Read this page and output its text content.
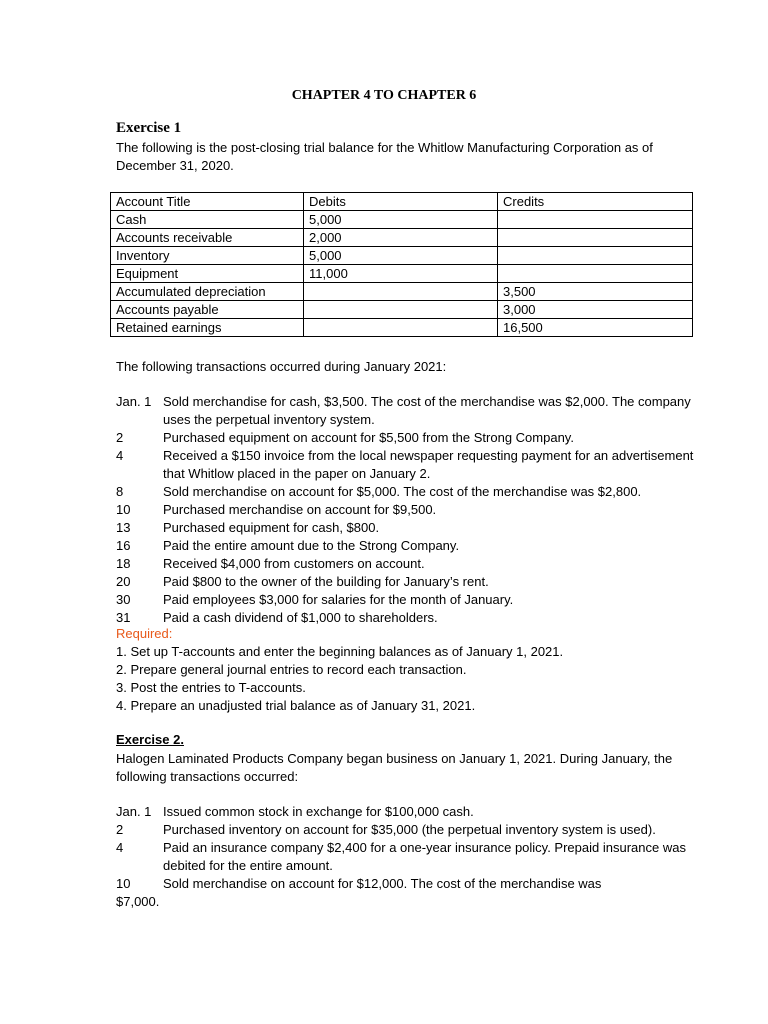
CHAPTER 4 TO CHAPTER 6
Exercise 1
The following is the post-closing trial balance for the Whitlow Manufacturing Corporation as of December 31, 2020.
Account Title	Debits	Credits
Cash	5,000	
Accounts receivable	2,000	
Inventory	5,000	
Equipment	11,000	
Accumulated depreciation		3,500
Accounts payable		3,000
Retained earnings		16,500
The following transactions occurred during January 2021:
Jan. 1 Sold merchandise for cash, $3,500. The cost of the merchandise was $2,000. The company uses the perpetual inventory system.
2	Purchased equipment on account for $5,500 from the Strong Company.
4	Received a $150 invoice from the local newspaper requesting payment for an advertisement that Whitlow placed in the paper on January 2.
8	Sold merchandise on account for $5,000. The cost of the merchandise was $2,800.
10	Purchased merchandise on account for $9,500.
13	Purchased equipment for cash, $800.
16	Paid the entire amount due to the Strong Company.
18	Received $4,000 from customers on account.
20	Paid $800 to the owner of the building for January’s rent.
30	Paid employees $3,000 for salaries for the month of January.
31	Paid a cash dividend of $1,000 to shareholders.
Required:
1. Set up T-accounts and enter the beginning balances as of January 1, 2021.
2. Prepare general journal entries to record each transaction.
3. Post the entries to T-accounts.
4. Prepare an unadjusted trial balance as of January 31, 2021.
Exercise 2.
Halogen Laminated Products Company began business on January 1, 2021. During January, the following transactions occurred:
Jan. 1 Issued common stock in exchange for $100,000 cash.
2	Purchased inventory on account for $35,000 (the perpetual inventory system is used).
4	Paid an insurance company $2,400 for a one-year insurance policy. Prepaid insurance was debited for the entire amount.
10	Sold merchandise on account for $12,000. The cost of the merchandise was
$7,000.
